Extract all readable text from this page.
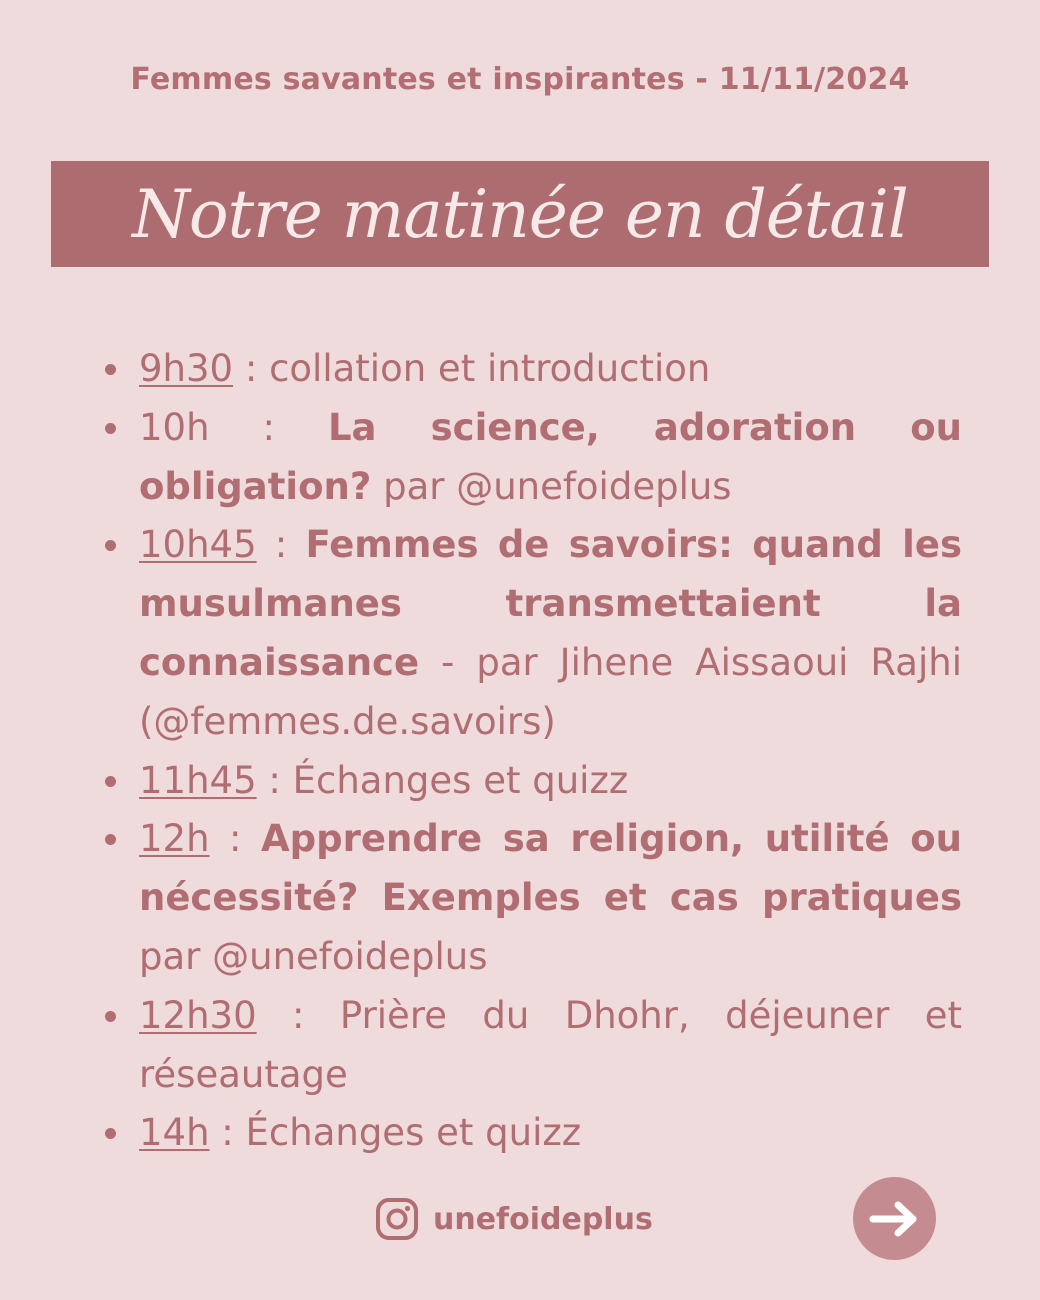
Femmes savantes et inspirantes - 11/11/2024
Notre matinée en détail
9h30 : collation et introduction
10h : La science, adoration ou obligation? par @unefoideplus
10h45 : Femmes de savoirs: quand les musulmanes transmettaient la connaissance - par Jihene Aissaoui Rajhi (@femmes.de.savoirs)
11h45 : Échanges et quizz
12h : Apprendre sa religion, utilité ou nécessité? Exemples et cas pratiques par @unefoideplus
12h30 : Prière du Dhohr, déjeuner et réseautage
14h : Échanges et quizz
unefoideplus
